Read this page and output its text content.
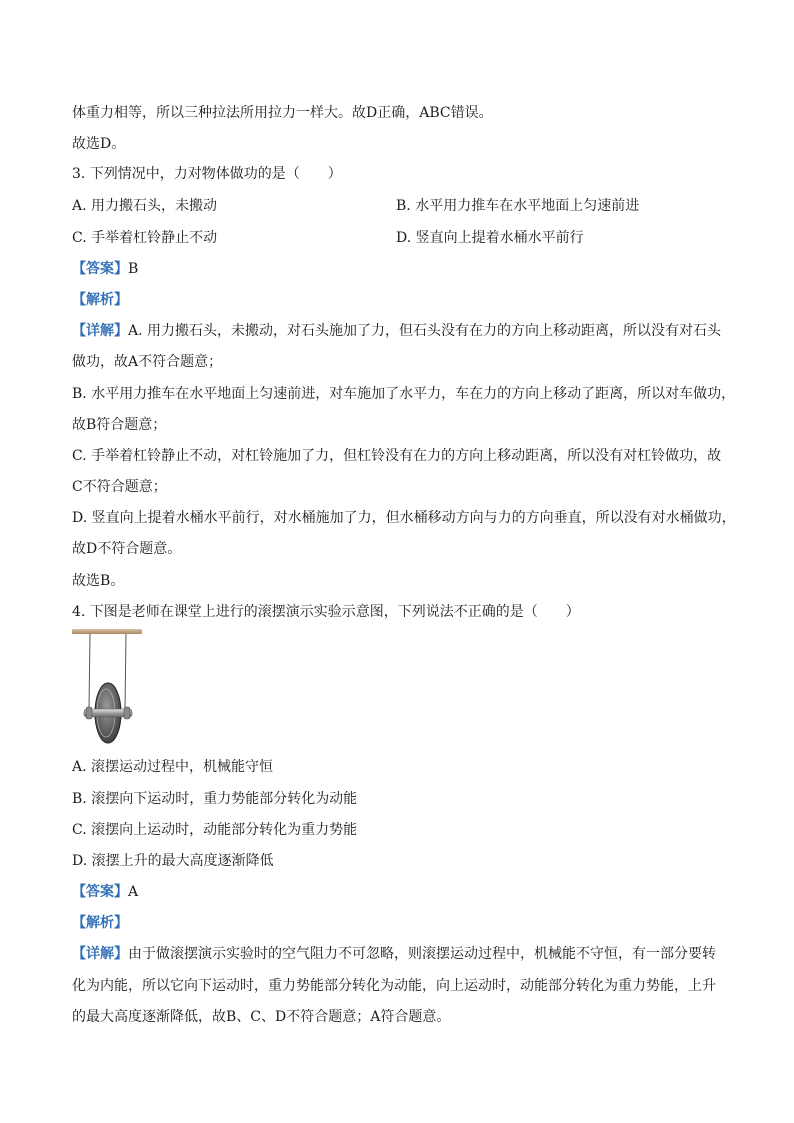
体重力相等，所以三种拉法所用拉力一样大。故D正确，ABC错误。
故选D。
3. 下列情况中，力对物体做功的是（　　）
A. 用力搬石头，未搬动	B. 水平用力推车在水平地面上匀速前进
C. 手举着杠铃静止不动	D. 竖直向上提着水桶水平前行
【答案】B
【解析】
【详解】A. 用力搬石头，未搬动，对石头施加了力，但石头没有在力的方向上移动距离，所以没有对石头
做功，故A不符合题意；
B. 水平用力推车在水平地面上匀速前进，对车施加了水平力，车在力的方向上移动了距离，所以对车做功，
故B符合题意；
C. 手举着杠铃静止不动，对杠铃施加了力，但杠铃没有在力的方向上移动距离，所以没有对杠铃做功，故
C不符合题意；
D. 竖直向上提着水桶水平前行，对水桶施加了力，但水桶移动方向与力的方向垂直，所以没有对水桶做功，
故D不符合题意。
故选B。
4. 下图是老师在课堂上进行的滚摆演示实验示意图，下列说法不正确的是（　　）
A. 滚摆运动过程中，机械能守恒
B. 滚摆向下运动时，重力势能部分转化为动能
C. 滚摆向上运动时，动能部分转化为重力势能
D. 滚摆上升的最大高度逐渐降低
【答案】A
【解析】
【详解】由于做滚摆演示实验时的空气阻力不可忽略，则滚摆运动过程中，机械能不守恒，有一部分要转
化为内能，所以它向下运动时，重力势能部分转化为动能，向上运动时，动能部分转化为重力势能，上升
的最大高度逐渐降低，故B、C、D不符合题意；A符合题意。
